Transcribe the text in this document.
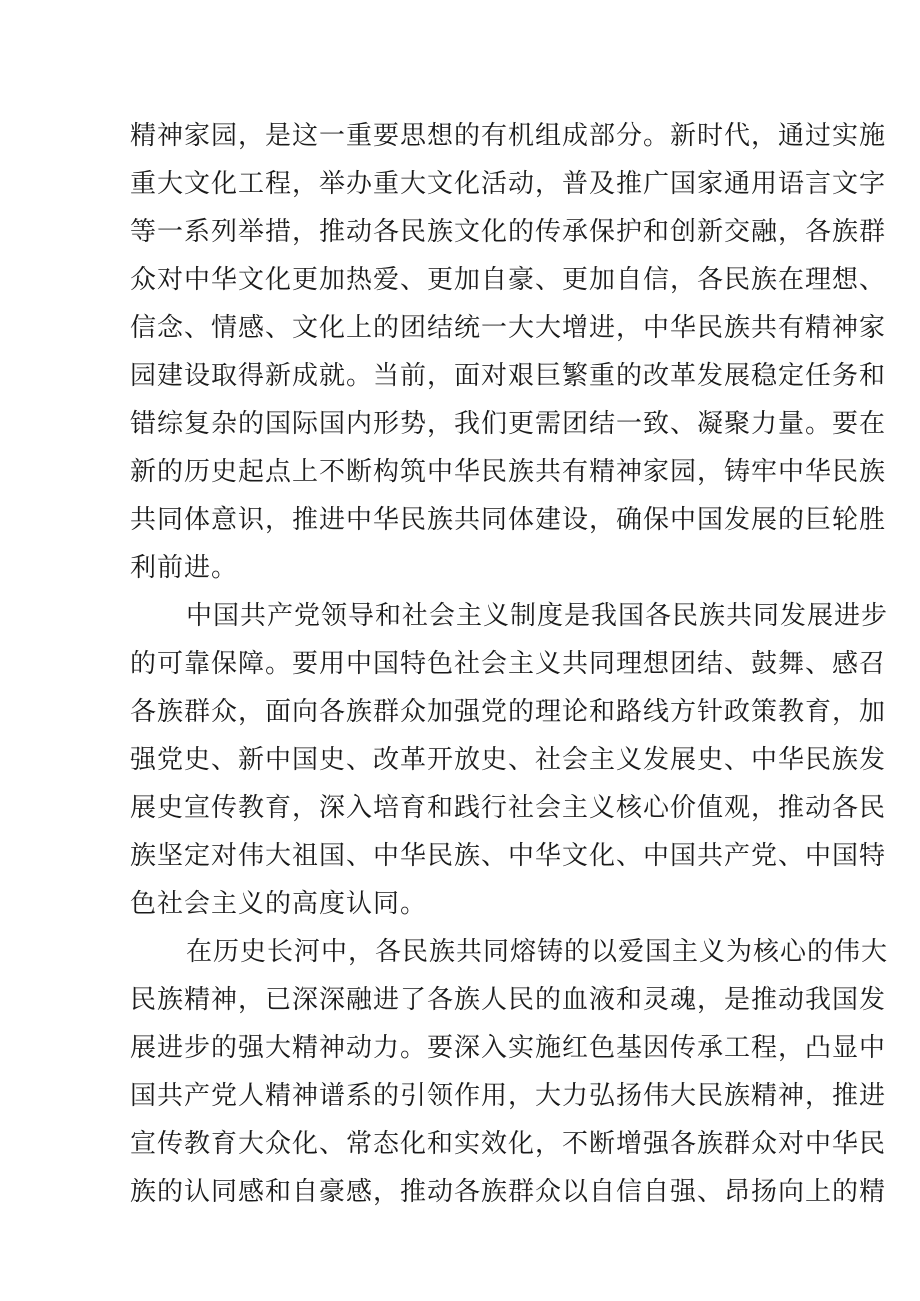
精神家园，是这一重要思想的有机组成部分。新时代，通过实施
重大文化工程，举办重大文化活动，普及推广国家通用语言文字
等一系列举措，推动各民族文化的传承保护和创新交融，各族群
众对中华文化更加热爱、更加自豪、更加自信，各民族在理想、
信念、情感、文化上的团结统一大大增进，中华民族共有精神家
园建设取得新成就。当前，面对艰巨繁重的改革发展稳定任务和
错综复杂的国际国内形势，我们更需团结一致、凝聚力量。要在
新的历史起点上不断构筑中华民族共有精神家园，铸牢中华民族
共同体意识，推进中华民族共同体建设，确保中国发展的巨轮胜
利前进。
中国共产党领导和社会主义制度是我国各民族共同发展进步
的可靠保障。要用中国特色社会主义共同理想团结、鼓舞、感召
各族群众，面向各族群众加强党的理论和路线方针政策教育，加
强党史、新中国史、改革开放史、社会主义发展史、中华民族发
展史宣传教育，深入培育和践行社会主义核心价值观，推动各民
族坚定对伟大祖国、中华民族、中华文化、中国共产党、中国特
色社会主义的高度认同。
在历史长河中，各民族共同熔铸的以爱国主义为核心的伟大
民族精神，已深深融进了各族人民的血液和灵魂，是推动我国发
展进步的强大精神动力。要深入实施红色基因传承工程，凸显中
国共产党人精神谱系的引领作用，大力弘扬伟大民族精神，推进
宣传教育大众化、常态化和实效化，不断增强各族群众对中华民
族的认同感和自豪感，推动各族群众以自信自强、昂扬向上的精
